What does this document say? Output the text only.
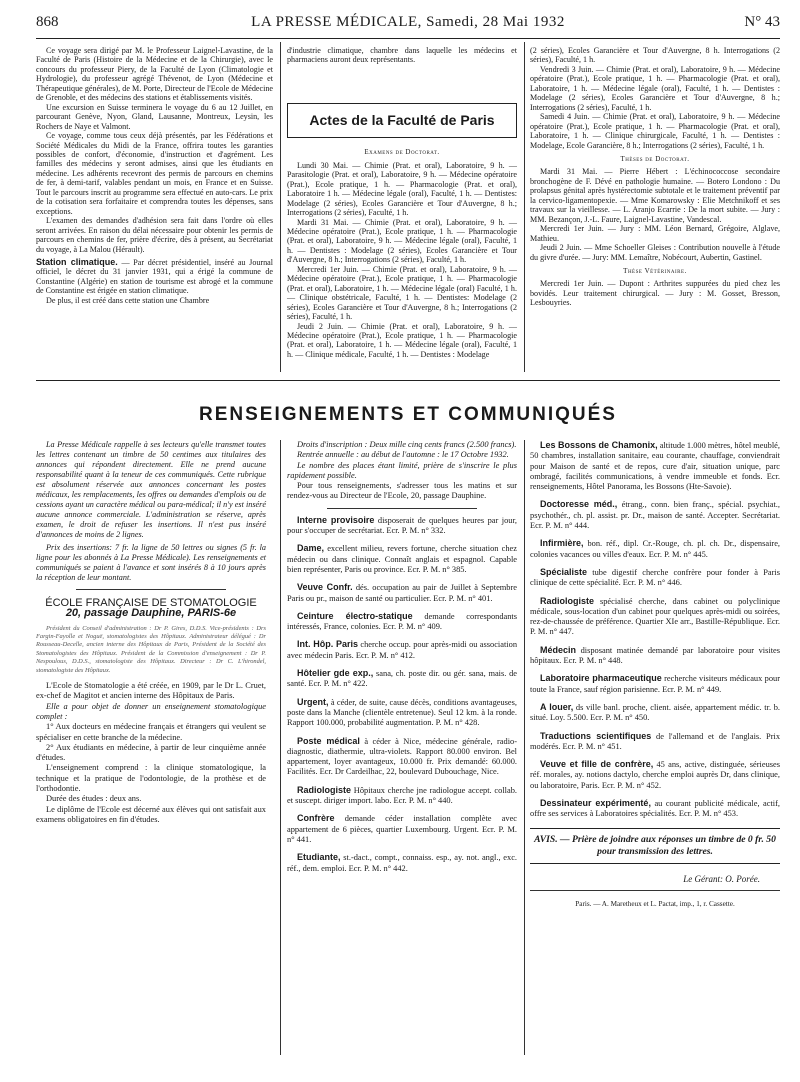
868	LA PRESSE MÉDICALE, Samedi, 28 Mai 1932	N° 43

Ce voyage sera dirigé par M. le Professeur Laignel-Lavastine, de la Faculté de Paris (Histoire de la Médecine et de la Chirurgie), avec le concours du professeur Piery, de la Faculté de Lyon (Climatologie et Hydrologie), du professeur agrégé Thévenot, de Lyon (Médecine et Thérapeutique générales), de M. Porte, Directeur de l'Ecole de Médecine de Grenoble, et des médecins des stations et établissements visités.

Une excursion en Suisse terminera le voyage du 6 au 12 Juillet, en parcourant Genève, Nyon, Gland, Lausanne, Montreux, Leysin, les Rochers de Naye et Valmont.

Ce voyage, comme tous ceux déjà présentés, par les Fédérations et Société Médicales du Midi de la France, offrira toutes les garanties possibles de confort, d'économie, d'instruction et d'agrément. Les familles des médecins y seront admises, ainsi que les étudiants en médecine. Les adhérents recevront des permis de parcours en chemins de fer, à demi-tarif, valables pendant un mois, en France et en Suisse. Tout le parcours inscrit au programme sera effectué en auto-cars. Le prix de la cotisation sera forfaitaire et comprendra toutes les dépenses, sans exceptions.

L'examen des demandes d'adhésion sera fait dans l'ordre où elles seront arrivées. En raison du délai nécessaire pour obtenir les permis de parcours en chemins de fer, prière d'écrire, dès à présent, au Secrétariat du voyage, à La Malou (Hérault).

Station climatique. — Par décret présidentiel, inséré au Journal officiel, le décret du 31 janvier 1931, qui a érigé la commune de Constantine (Algérie) en station de tourisme est abrogé et la commune de Constantine est érigée en station climatique.

De plus, il est créé dans cette station une Chambre

d'industrie climatique, chambre dans laquelle les médecins et pharmaciens auront deux représentants.

Actes de la Faculté de Paris

Examens de Doctorat.

Lundi 30 Mai. — Chimie (Prat. et oral), Laboratoire, 9 h. — Parasitologie (Prat. et oral), Laboratoire, 9 h. — Médecine opératoire (Prat.), Ecole pratique, 1 h. — Pharmacologie (Prat. et oral), Laboratoire 1 h. — Médecine légale (oral), Faculté, 1 h. — Dentistes: Modelage (2 séries), Ecoles Garancière et Tour d'Auvergne, 8 h.; Interrogations (2 séries), Faculté, 1 h.

Mardi 31 Mai. — Chimie (Prat. et oral), Laboratoire, 9 h. — Médecine opératoire (Prat.), Ecole pratique, 1 h. — Pharmacologie (Prat. et oral), Laboratoire, 9 h. — Médecine légale (oral), Faculté, 1 h. — Dentistes : Modelage (2 séries), Ecoles Garancière et Tour d'Auvergne, 8 h.; Interrogations (2 séries), Faculté, 1 h.

Mercredi 1er Juin. — Chimie (Prat. et oral), Laboratoire, 9 h. — Médecine opératoire (Prat.), Ecole pratique, 1 h. — Pharmacologie (Prat. et oral), Laboratoire, 1 h. — Médecine légale (oral) Faculté, 1 h. — Clinique obstétricale, Faculté, 1 h. — Dentistes: Modelage (2 séries), Ecoles Garancière et Tour d'Auvergne, 8 h.; Interrogations (2 séries), Faculté, 1 h.

Jeudi 2 Juin. — Chimie (Prat. et oral), Laboratoire, 9 h. — Médecine opératoire (Prat.), Ecole pratique, 1 h. — Pharmacologie (Prat. et oral), Laboratoire, 1 h. — Médecine légale (oral), Faculté, 1 h. — Clinique médicale, Faculté, 1 h. — Dentistes : Modelage

(2 séries), Ecoles Garancière et Tour d'Auvergne, 8 h. Interrogations (2 séries), Faculté, 1 h.

Vendredi 3 Juin. — Chimie (Prat. et oral), Laboratoire, 9 h. — Médecine opératoire (Prat.), Ecole pratique, 1 h. — Pharmacologie (Prat. et oral), Laboratoire, 1 h. — Médecine légale (oral), Faculté, 1 h. — Dentistes : Modelage (2 séries), Ecoles Garancière et Tour d'Auvergne, 8 h.; Interrogations (2 séries), Faculté, 1 h.

Samedi 4 Juin. — Chimie (Prat. et oral), Laboratoire, 9 h. — Médecine opératoire (Prat.), Ecole pratique, 1 h. — Pharmacologie (Prat. et oral), Laboratoire, 1 h. — Clinique chirurgicale, Faculté, 1 h. — Dentistes : Modelage, Ecole Garancière, 8 h.; Interrogations (2 séries), Faculté, 1 h.

Thèses de Doctorat.

Mardi 31 Mai. — Pierre Hébert : L'échinococcose secondaire bronchogène de F. Dévé en pathologie humaine. — Botero Londono : Du prolapsus génital après hystérectomie subtotale et le traitement préventif par la cervico-ligamentopexie. — Mme Komarowsky : Elie Metchnikoff et ses travaux sur la vieillesse. — L. Aranjo Ecarrie : De la mort subite. — Jury : MM. Bezançon, J.-L. Faure, Laignel-Lavastine, Vandescal.

Mercredi 1er Juin. — Jury : MM. Léon Bernard, Grégoire, Alglave, Mathieu.

Jeudi 2 Juin. — Mme Schoeller Gleises : Contribution nouvelle à l'étude du givre d'urée. — Jury: MM. Lemaître, Nobécourt, Aubertin, Gastinel.

Thèse Vétérinaire.

Mercredi 1er Juin. — Dupont : Arthrites suppurées du pied chez les bovidés. Leur traitement chirurgical. — Jury : M. Gosset, Bresson, Lesbouyries.

RENSEIGNEMENTS ET COMMUNIQUÉS

La Presse Médicale rappelle à ses lecteurs qu'elle transmet toutes les lettres contenant un timbre de 50 centimes aux titulaires des annonces qui répondent directement. Elle ne prend aucune responsabilité quant à la teneur de ces communiqués. Cette rubrique est absolument réservée aux annonces concernant les postes médicaux, les remplacements, les offres ou demandes d'emplois ou de cessions ayant un caractère médical ou para-médical; il n'y est inséré aucune annonce commerciale. L'administration se réserve, après examen, le droit de refuser les insertions. Il n'est pus inséré d'annonces de moins de 2 lignes.

Prix des insertions: 7 fr. la ligne de 50 lettres ou signes (5 fr. la ligne pour les abonnés à La Presse Médicale). Les renseignements et communiqués se paient à l'avance et sont insérés 8 à 10 jours après la réception de leur montant.

ÉCOLE FRANÇAISE DE STOMATOLOGIE

20, passage Dauphine, PARIS-6e

Président du Conseil d'administration : Dr P. Gires, D.D.S. Vice-présidents : Drs Fargin-Fayolle et Noguë, stomatologistes des Hôpitaux. Administrateur délégué : Dr Rousseau-Decelle, ancien interne des Hôpitaux de Paris, Président de la Société des Stomatologistes des Hôpitaux. Président de la Commission d'enseignement : Dr P. Nespoulous, D.D.S., stomatologiste des Hôpitaux. Directeur : Dr C. L'hirondel, stomatologiste des Hôpitaux.

L'Ecole de Stomatologie a été créée, en 1909, par le Dr L. Cruet, ex-chef de Magitot et ancien interne des Hôpitaux de Paris.

Elle a pour objet de donner un enseignement stomatologique complet :

1° Aux docteurs en médecine français et étrangers qui veulent se spécialiser en cette branche de la médecine.

2° Aux étudiants en médecine, à partir de leur cinquième année d'études.

L'enseignement comprend : la clinique stomatologique, la technique et la pratique de l'odontologie, de la prothèse et de l'orthodontie.

Durée des études : deux ans.

Le diplôme de l'Ecole est décerné aux élèves qui ont satisfait aux examens obligatoires en fin d'études.

Droits d'inscription : Deux mille cinq cents francs (2.500 francs).

Rentrée annuelle : au début de l'automne : le 17 Octobre 1932.

Le nombre des places étant limité, prière de s'inscrire le plus rapidement possible.

Pour tous renseignements, s'adresser tous les matins et sur rendez-vous au Directeur de l'Ecole, 20, passage Dauphine.

Interne provisoire disposerait de quelques heures par jour, pour s'occuper de secrétariat. Ecr. P. M. n° 332.

Dame, excellent milieu, revers fortune, cherche situation chez médecin ou dans clinique. Connaît anglais et espagnol. Capable bien représenter, Paris ou province. Ecr. P. M. n° 385.

Veuve Confr. dés. occupation au pair de Juillet à Septembre Paris ou pr., maison de santé ou particulier. Ecr. P. M. n° 401.

Ceinture électro-statique demande correspondants intéressés, France, colonies. Ecr. P. M. n° 409.

Int. Hôp. Paris cherche occup. pour après-midi ou association avec médecin Paris. Ecr. P. M. n° 412.

Hôtelier gde exp., sana, ch. poste dir. ou gér. sana, mais. de santé. Ecr. P. M. n° 422.

Urgent, à céder, de suite, cause décès, conditions avantageuses, poste dans la Manche (clientèle entretenue). Seul 12 km. à la ronde. Rapport 100.000, probabilité augmentation. P. M. n° 428.

Poste médical à céder à Nice, médecine générale, radio-diagnostic, diathermie, ultra-violets. Rapport 80.000 environ. Bel appartement, loyer avantageux, 10.000 fr. Prix demandé: 60.000. Facilités. Ecr. Dr Cardeilhac, 22, boulevard Dubouchage, Nice.

Radiologiste Hôpitaux cherche jne radiologue accept. collab. et suscept. diriger import. labo. Ecr. P. M. n° 440.

Confrère demande céder installation complète avec appartement de 6 pièces, quartier Luxembourg. Urgent. Ecr. P. M. n° 441.

Etudiante, st.-dact., compt., connaiss. esp., ay. not. angl., exc. réf., dem. emploi. Ecr. P. M. n° 442.

Les Bossons de Chamonix, altitude 1.000 mètres, hôtel meublé, 50 chambres, installation sanitaire, eau courante, chauffage, conviendrait pour Maison de santé et de repos, cure d'air, situation unique, parc ombragé, facilités communications, à vendre immeuble et fonds. Ecr. renseignements, Hôtel Panorama, les Bossons (Hte-Savoie).

Doctoresse méd., étrang., conn. bien franç., spécial. psychiat., psychothér., ch. pl. assist. pr. Dr., maison de santé. Accepter. Secrétariat. Ecr. P. M. n° 444.

Infirmière, bon. réf., dipl. Cr.-Rouge, ch. pl. ch. Dr., dispensaire, colonies vacances ou villes d'eaux. Ecr. P. M. n° 445.

Spécialiste tube digestif cherche confrère pour fonder à Paris clinique de cette spécialité. Ecr. P. M. n° 446.

Radiologiste spécialisé cherche, dans cabinet ou polyclinique médicale, sous-location d'un cabinet pour quelques après-midi ou soirées, rez-de-chaussée de préférence. Quartier XIe arr., Bastille-République. Ecr. P. M. n° 447.

Médecin disposant matinée demandé par laboratoire pour visites hôpitaux. Ecr. P. M. n° 448.

Laboratoire pharmaceutique recherche visiteurs médicaux pour toute la France, sauf région parisienne. Ecr. P. M. n° 449.

A louer, ds ville banl. proche, client. aisée, appartement médic. tr. b. situé. Loy. 5.500. Ecr. P. M. n° 450.

Traductions scientifiques de l'allemand et de l'anglais. Prix modérés. Ecr. P. M. n° 451.

Veuve et fille de confrère, 45 ans, active, distinguée, sérieuses réf. morales, ay. notions dactylo, cherche emploi auprès Dr, dans clinique, ou laboratoire, Paris. Ecr. P. M. n° 452.

Dessinateur expérimenté, au courant publicité médicale, actif, offre ses services à Laboratoires spécialités. Ecr. P. M. n° 453.

AVIS. — Prière de joindre aux réponses un timbre de 0 fr. 50 pour transmission des lettres.

Le Gérant: O. Porée.

Paris. — A. Maretheux et L. Pactat, imp., 1, r. Cassette.
